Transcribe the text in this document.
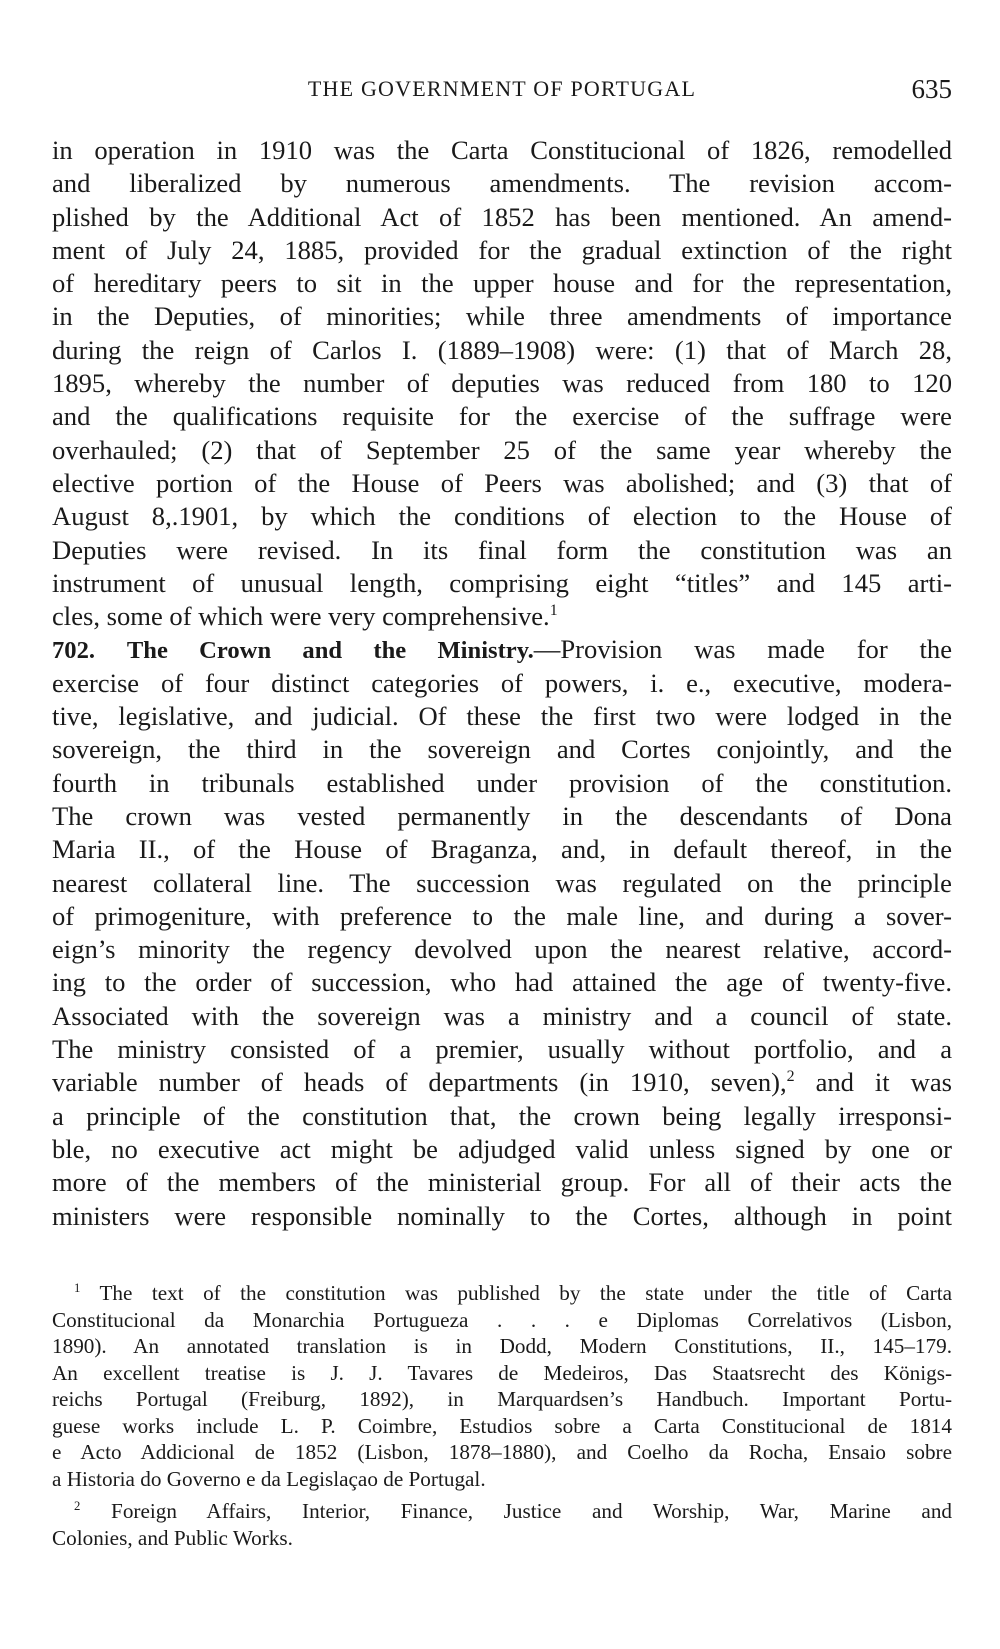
THE GOVERNMENT OF PORTUGAL	635
in operation in 1910 was the Carta Constitucional of 1826, remodelled
and liberalized by numerous amendments. The revision accom-
plished by the Additional Act of 1852 has been mentioned. An amend-
ment of July 24, 1885, provided for the gradual extinction of the right
of hereditary peers to sit in the upper house and for the representation,
in the Deputies, of minorities; while three amendments of importance
during the reign of Carlos I. (1889–1908) were: (1) that of March 28,
1895, whereby the number of deputies was reduced from 180 to 120
and the qualifications requisite for the exercise of the suffrage were
overhauled; (2) that of September 25 of the same year whereby the
elective portion of the House of Peers was abolished; and (3) that of
August 8,.1901, by which the conditions of election to the House of
Deputies were revised. In its final form the constitution was an
instrument of unusual length, comprising eight “titles” and 145 arti-
cles, some of which were very comprehensive.$^1$
702. The Crown and the Ministry.—Provision was made for the
exercise of four distinct categories of powers, i. e., executive, modera-
tive, legislative, and judicial. Of these the first two were lodged in the
sovereign, the third in the sovereign and Cortes conjointly, and the
fourth in tribunals established under provision of the constitution.
The crown was vested permanently in the descendants of Dona
Maria II., of the House of Braganza, and, in default thereof, in the
nearest collateral line. The succession was regulated on the principle
of primogeniture, with preference to the male line, and during a sover-
eign’s minority the regency devolved upon the nearest relative, accord-
ing to the order of succession, who had attained the age of twenty-five.
Associated with the sovereign was a ministry and a council of state.
The ministry consisted of a premier, usually without portfolio, and a
variable number of heads of departments (in 1910, seven),$^2$ and it was
a principle of the constitution that, the crown being legally irresponsi-
ble, no executive act might be adjudged valid unless signed by one or
more of the members of the ministerial group. For all of their acts the
ministers were responsible nominally to the Cortes, although in point
$^1$ The text of the constitution was published by the state under the title of Carta
Constitucional da Monarchia Portugueza . . . e Diplomas Correlativos (Lisbon,
1890). An annotated translation is in Dodd, Modern Constitutions, II., 145–179.
An excellent treatise is J. J. Tavares de Medeiros, Das Staatsrecht des Königs-
reichs Portugal (Freiburg, 1892), in Marquardsen’s Handbuch. Important Portu-
guese works include L. P. Coimbre, Estudios sobre a Carta Constitucional de 1814
e Acto Addicional de 1852 (Lisbon, 1878–1880), and Coelho da Rocha, Ensaio sobre
a Historia do Governo e da Legislaçao de Portugal.
$^2$ Foreign Affairs, Interior, Finance, Justice and Worship, War, Marine and
Colonies, and Public Works.
